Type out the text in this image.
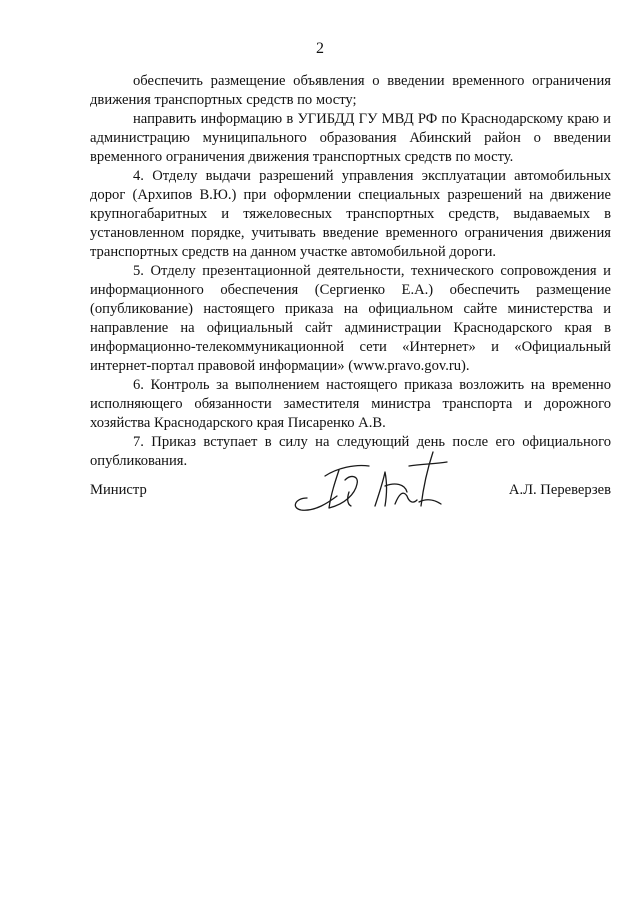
2

обеспечить размещение объявления о введении временного ограничения движения транспортных средств по мосту;

направить информацию в УГИБДД ГУ МВД РФ по Краснодарскому краю и администрацию муниципального образования Абинский район о введении временного ограничения движения транспортных средств по мосту.

4. Отделу выдачи разрешений управления эксплуатации автомобильных дорог (Архипов В.Ю.) при оформлении специальных разрешений на движение крупногабаритных и тяжеловесных транспортных средств, выдаваемых в установленном порядке, учитывать введение временного ограничения движения транспортных средств на данном участке автомобильной дороги.

5. Отделу презентационной деятельности, технического сопровождения и информационного обеспечения (Сергиенко Е.А.) обеспечить размещение (опубликование) настоящего приказа на официальном сайте министерства и направление на официальный сайт администрации Краснодарского края в информационно-телекоммуникационной сети «Интернет» и «Официальный интернет-портал правовой информации» (www.pravo.gov.ru).

6. Контроль за выполнением настоящего приказа возложить на временно исполняющего обязанности заместителя министра транспорта и дорожного хозяйства Краснодарского края Писаренко А.В.

7. Приказ вступает в силу на следующий день после его официального опубликования.

Министр	А.Л. Переверзев
